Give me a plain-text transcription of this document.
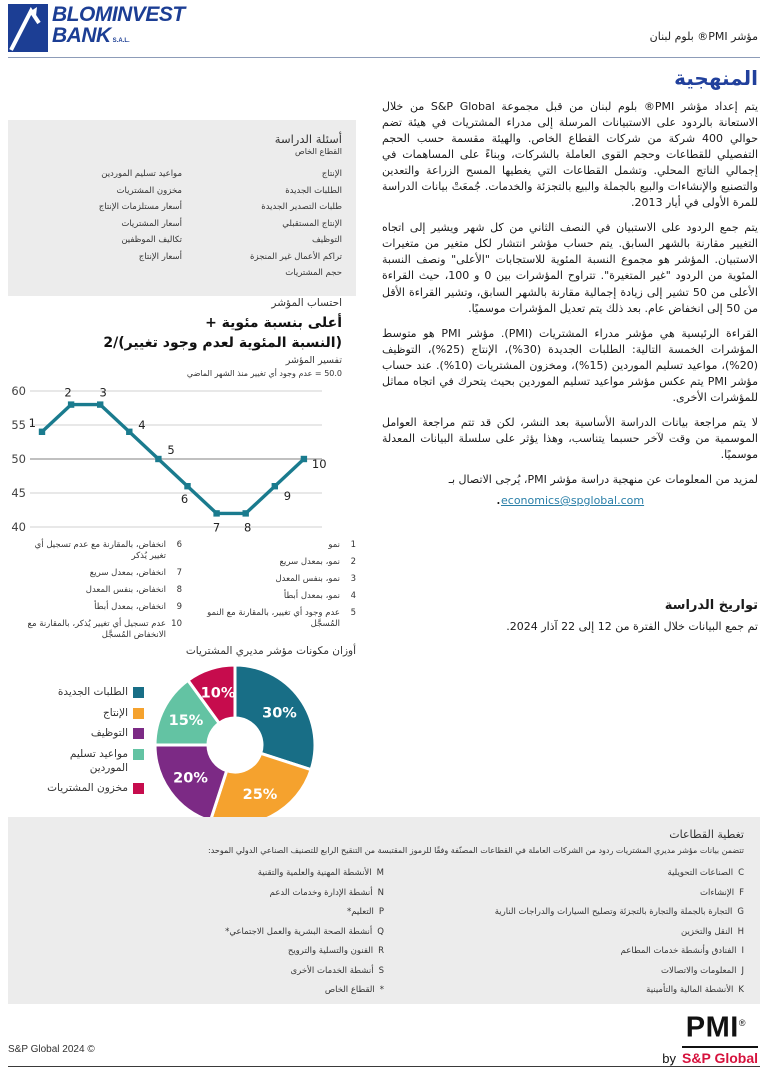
BLOMINVEST
BANK S.A.L.	مؤشر ‎®PMI بلوم لبنان
المنهجية

يتم إعداد مؤشر ‎®PMI بلوم لبنان من قبل مجموعة S&P Global من خلال الاستعانة بالردود على الاستبيانات المرسلة إلى مدراء المشتريات في هيئة تضم حوالي 400 شركة من شركات القطاع الخاص. والهيئة مقسمة حسب الحجم التفصيلي للقطاعات وحجم القوى العاملة بالشركات، وبناءً على المساهمات في إجمالي الناتج المحلي. وتشمل القطاعات التي يغطيها المسح الزراعة والتعدين والتصنيع والإنشاءات والبيع بالجملة والبيع بالتجزئة والخدمات. جُمعَتْ بيانات الدراسة للمرة الأولى في أيار 2013.

يتم جمع الردود على الاستبيان في النصف الثاني من كل شهر ويشير إلى اتجاه التغيير مقارنة بالشهر السابق. يتم حساب مؤشر انتشار لكل متغير من متغيرات الاستبيان. المؤشر هو مجموع النسبة المئوية للاستجابات "الأعلى" ونصف النسبة المئوية من الردود "غير المتغيرة". تتراوح المؤشرات بين 0 و 100، حيث القراءة الأعلى من 50 تشير إلى زيادة إجمالية مقارنة بالشهر السابق، وتشير القراءة الأقل من 50 إلى انخفاض عام. بعد ذلك يتم تعديل المؤشرات موسميًا.

القراءة الرئيسية هي مؤشر مدراء المشتريات (PMI). مؤشر PMI هو متوسط المؤشرات الخمسة التالية: الطلبات الجديدة (30%)، الإنتاج (25%)، التوظيف (20%)، مواعيد تسليم الموردين (15%)، ومخزون المشتريات (10%). عند حساب مؤشر PMI يتم عكس مؤشر مواعيد تسليم الموردين بحيث يتحرك في اتجاه مماثل للمؤشرات الأخرى.

لا يتم مراجعة بيانات الدراسة الأساسية بعد النشر، لكن قد تتم مراجعة العوامل الموسمية من وقت لآخر حسبما يتناسب، وهذا يؤثر على سلسلة البيانات المعدلة موسميًا.

لمزيد من المعلومات عن منهجية دراسة مؤشر PMI، يُرجى الاتصال بـ

economics@spglobal.com.
تواريخ الدراسة
تم جمع البيانات خلال الفترة من 12 إلى 22 آذار 2024.
أسئلة الدراسة
القطاع الخاص
الإنتاج
الطلبات الجديدة
طلبات التصدير الجديدة
الإنتاج المستقبلي
التوظيف
تراكم الأعمال غير المنجزة
حجم المشتريات
مواعيد تسليم الموردين
مخزون المشتريات
أسعار مستلزمات الإنتاج
أسعار المشتريات
تكاليف الموظفين
أسعار الإنتاج
احتساب المؤشر
أعلى بنسبة مئوية +
(النسبة المئوية لعدم وجود تغيير)/2
تفسير المؤشر
50.0 = عدم وجود أي تغيير منذ الشهر الماضي
40
45
50
55
60
1
2 3
4
5
6
7 8
9
10
1
نمو
2
نمو، بمعدل سريع
3
نمو، بنفس المعدل
4
نمو، بمعدل أبطأ
5
عدم وجود أي تغيير، بالمقارنة مع النمو المُسجَّل
6
انخفاض، بالمقارنة مع عدم تسجيل أي تغيير يُذكر
7
انخفاض، بمعدل سريع
8
انخفاض، بنفس المعدل
9
انخفاض، بمعدل أبطأ
10
عدم تسجيل أي تغيير يُذكر، بالمقارنة مع الانخفاض المُسجَّل
أوزان مكونات مؤشر مديري المشتريات
30%
25%
20%
15%
10%
الطلبات الجديدة
الإنتاج
التوظيف
مواعيد تسليم الموردين
مخزون المشتريات
تغطية القطاعات
تتضمن بيانات مؤشر مديري المشتريات ردود من الشركات العاملة في القطاعات المصنّفة وفقًا للرموز المقتبسة من التنقيح الرابع للتصنيف الصناعي الدولي الموحد:
C
الصناعات التحويلية
F
الإنشاءات
G
التجارة بالجملة والتجارة بالتجزئة وتصليح السيارات والدراجات النارية
H
النقل والتخزين
I
الفنادق وأنشطة خدمات المطاعم
J
المعلومات والاتصالات
K
الأنشطة المالية والتأمينية
M
الأنشطة المهنية والعلمية والتقنية
N
أنشطة الإدارة وخدمات الدعم
P
التعليم*
Q
أنشطة الصحة البشرية والعمل الاجتماعي*
R
الفنون والتسلية والترويح
S
أنشطة الخدمات الأخرى
*
القطاع الخاص
S&P Global 2024 ©
PMI®
by S&P Global
